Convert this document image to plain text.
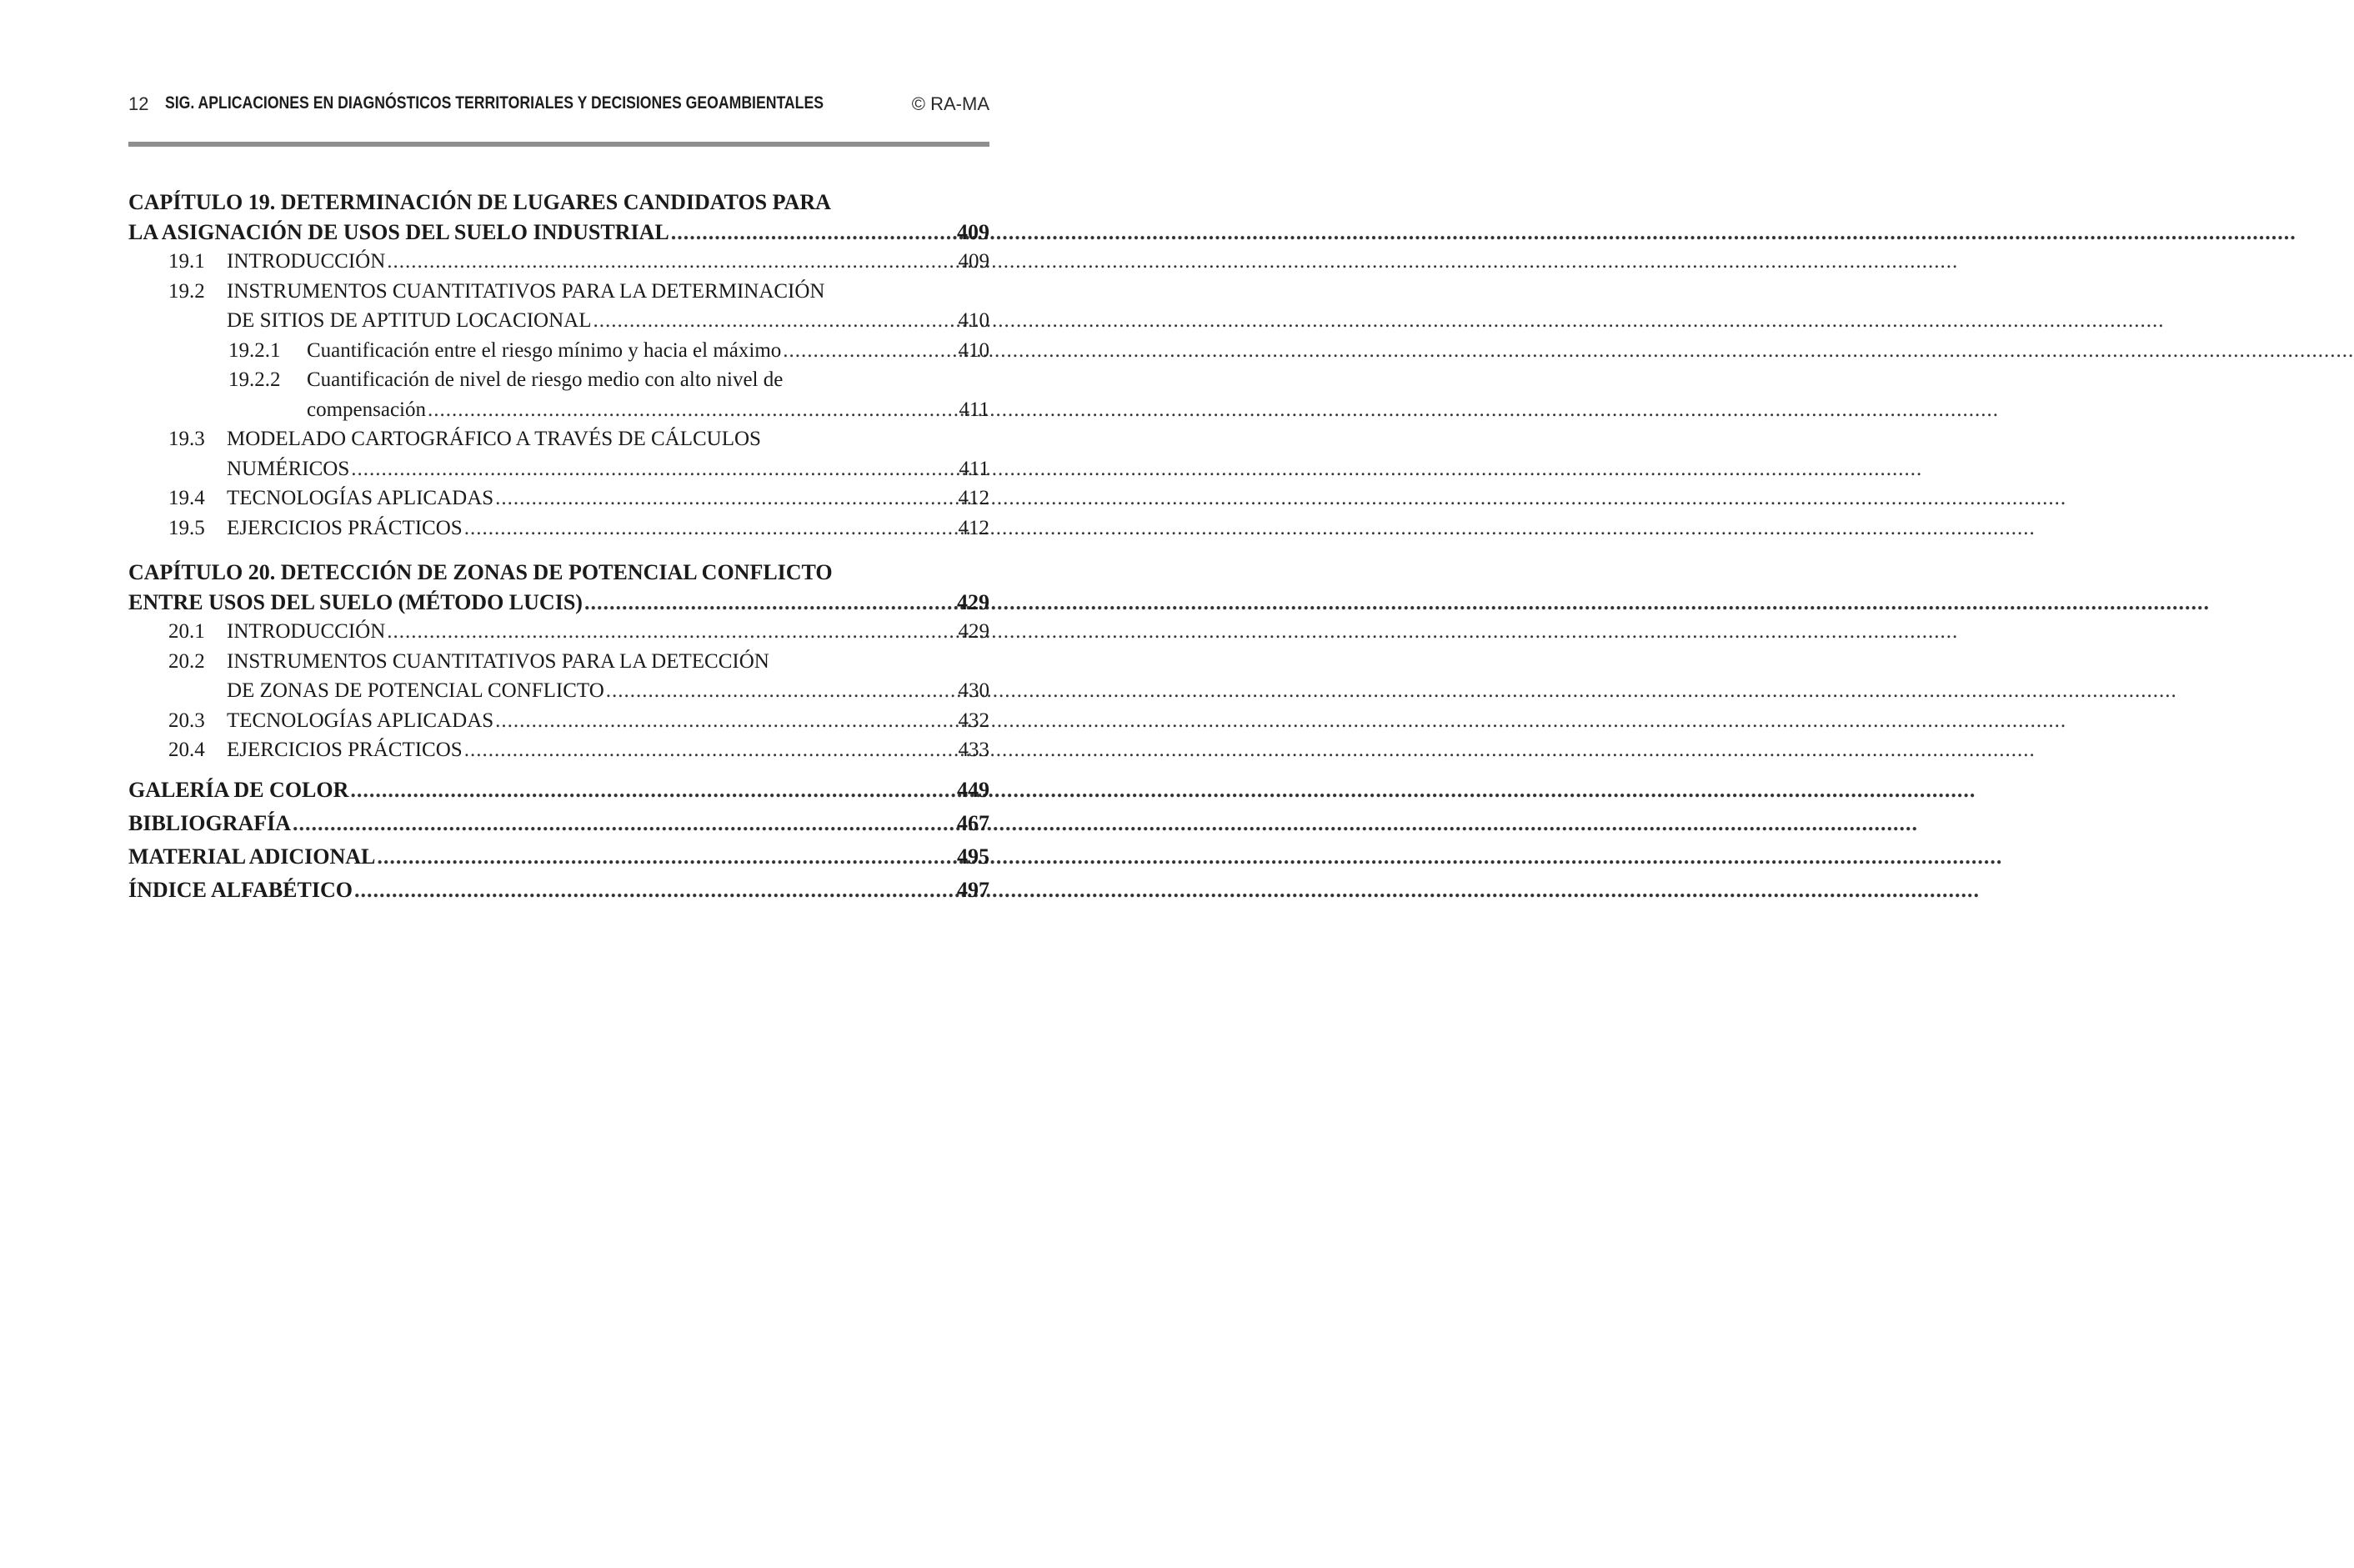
12 SIG. APLICACIONES EN DIAGNÓSTICOS TERRITORIALES Y DECISIONES GEOAMBIENTALES	© RA-MA
CAPÍTULO 19. DETERMINACIÓN DE LUGARES CANDIDATOS PARA
LA ASIGNACIÓN DE USOS DEL SUELO INDUSTRIAL .....	409
19.1	INTRODUCCIÓN .....	409
19.2	INSTRUMENTOS CUANTITATIVOS PARA LA DETERMINACIÓN
DE SITIOS DE APTITUD LOCACIONAL .....	410
19.2.1	Cuantificación entre el riesgo mínimo y hacia el máximo .....	410
19.2.2	Cuantificación de nivel de riesgo medio con alto nivel de
compensación .....	411
19.3	MODELADO CARTOGRÁFICO A TRAVÉS DE CÁLCULOS
NUMÉRICOS .....	411
19.4	TECNOLOGÍAS APLICADAS .....	412
19.5	EJERCICIOS PRÁCTICOS .....	412
CAPÍTULO 20. DETECCIÓN DE ZONAS DE POTENCIAL CONFLICTO
ENTRE USOS DEL SUELO (MÉTODO LUCIS) .....	429
20.1	INTRODUCCIÓN .....	429
20.2	INSTRUMENTOS CUANTITATIVOS PARA LA DETECCIÓN
DE ZONAS DE POTENCIAL CONFLICTO .....	430
20.3	TECNOLOGÍAS APLICADAS .....	432
20.4	EJERCICIOS PRÁCTICOS .....	433
GALERÍA DE COLOR .....	449
BIBLIOGRAFÍA .....	467
MATERIAL ADICIONAL .....	495
ÍNDICE ALFABÉTICO .....	497
